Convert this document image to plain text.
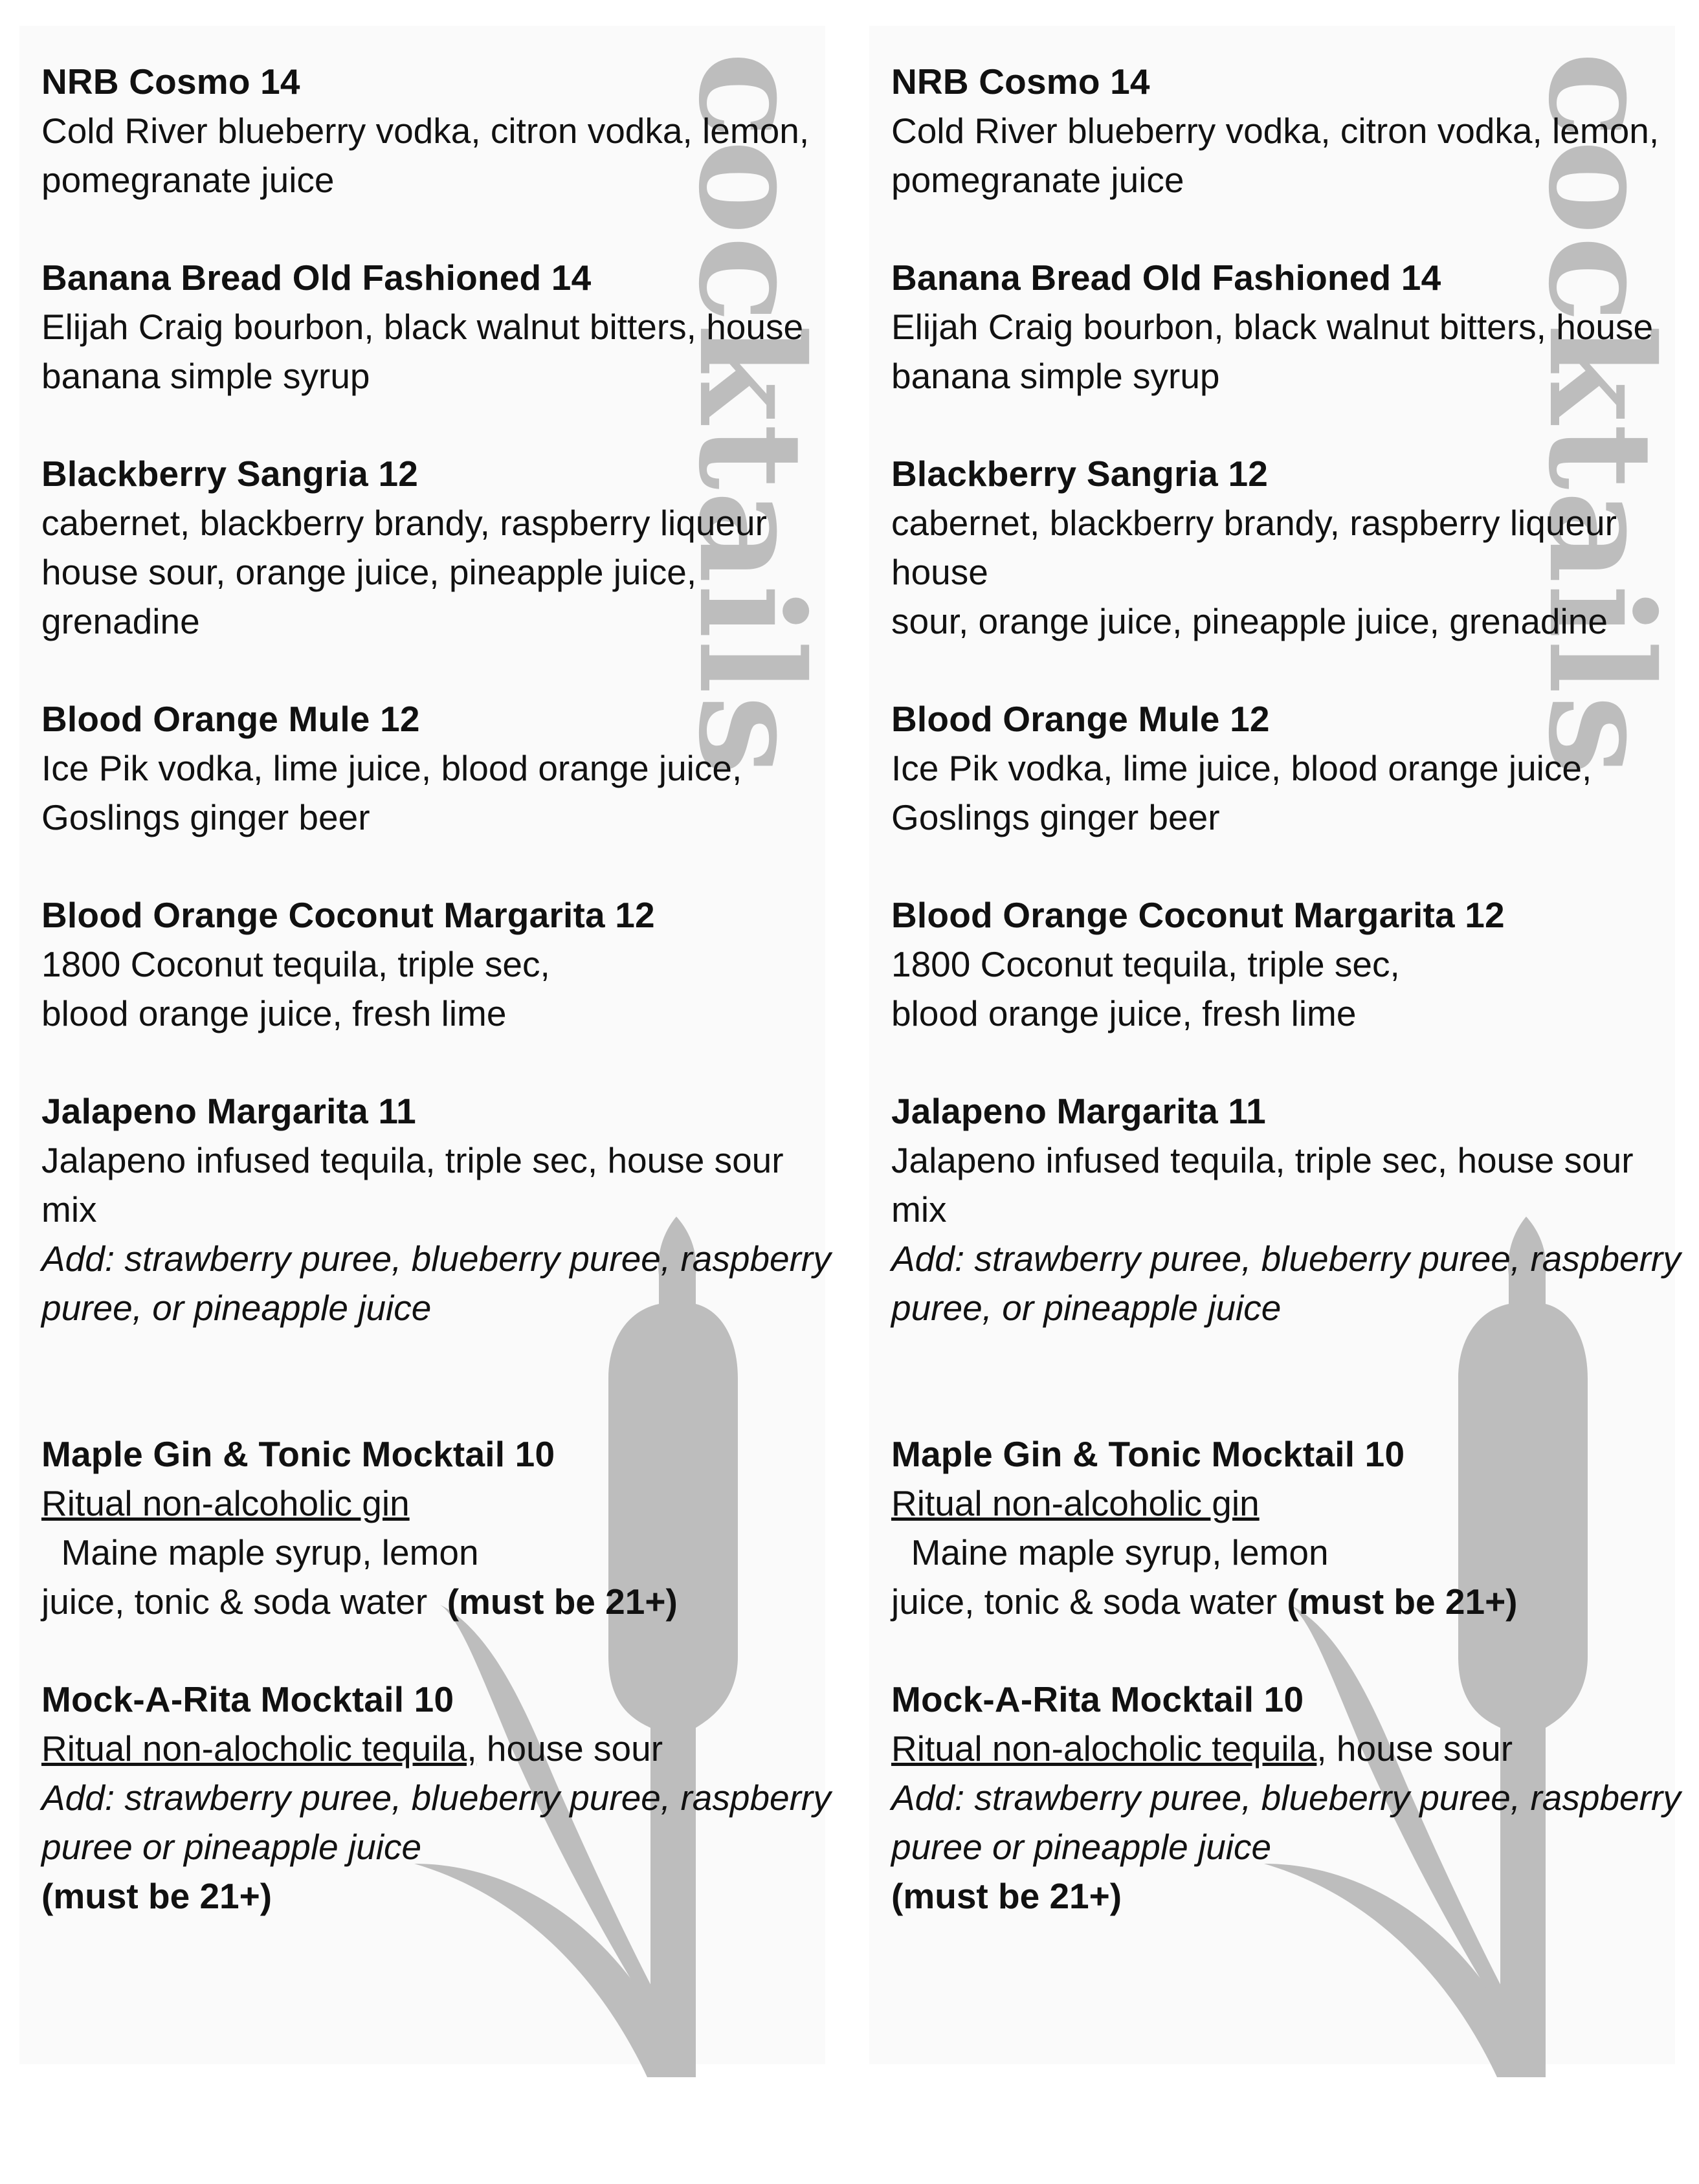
cocktails
NRB Cosmo 14
Cold River blueberry vodka, citron vodka, lemon,
pomegranate juice
Banana Bread Old Fashioned 14
Elijah Craig bourbon, black walnut bitters, house
banana simple syrup
Blackberry Sangria 12
cabernet, blackberry brandy, raspberry liqueur
house sour, orange juice, pineapple juice, grenadine
Blood Orange Mule 12
Ice Pik vodka, lime juice, blood orange juice,
Goslings ginger beer
Blood Orange Coconut Margarita 12
1800 Coconut tequila, triple sec,
blood orange juice, fresh lime
Jalapeno Margarita 11
Jalapeno infused tequila, triple sec, house sour mix
Add: strawberry puree, blueberry puree, raspberry
puree, or pineapple juice
Maple Gin & Tonic Mocktail 10
Ritual non-alcoholic gin  Maine maple syrup, lemon
juice, tonic & soda water  (must be 21+)
Mock-A-Rita Mocktail 10
Ritual non-alocholic tequila, house sour
Add: strawberry puree, blueberry puree, raspberry
puree or pineapple juice
(must be 21+)
cocktails
NRB Cosmo 14
Cold River blueberry vodka, citron vodka, lemon,
pomegranate juice
Banana Bread Old Fashioned 14
Elijah Craig bourbon, black walnut bitters, house
banana simple syrup
Blackberry Sangria 12
cabernet, blackberry brandy, raspberry liqueur house
sour, orange juice, pineapple juice, grenadine
Blood Orange Mule 12
Ice Pik vodka, lime juice, blood orange juice,
Goslings ginger beer
Blood Orange Coconut Margarita 12
1800 Coconut tequila, triple sec,
blood orange juice, fresh lime
Jalapeno Margarita 11
Jalapeno infused tequila, triple sec, house sour mix
Add: strawberry puree, blueberry puree, raspberry
puree, or pineapple juice
Maple Gin & Tonic Mocktail 10
Ritual non-alcoholic gin  Maine maple syrup, lemon
juice, tonic & soda water (must be 21+)
Mock-A-Rita Mocktail 10
Ritual non-alocholic tequila, house sour
Add: strawberry puree, blueberry puree, raspberry
puree or pineapple juice
(must be 21+)
